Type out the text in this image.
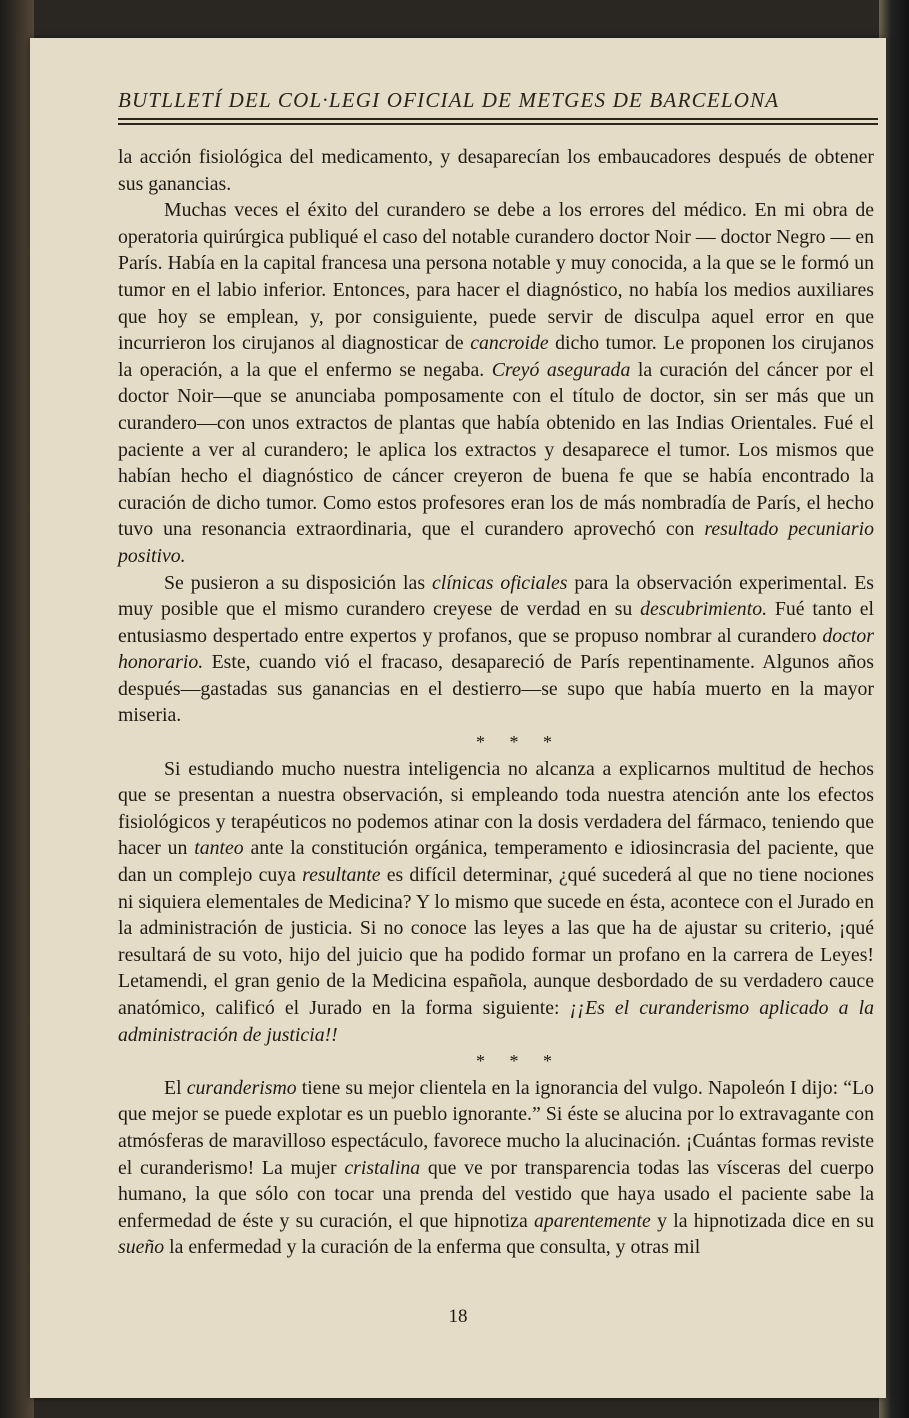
BUTLLETÍ DEL COL·LEGI OFICIAL DE METGES DE BARCELONA

la acción fisiológica del medicamento, y desaparecían los embaucadores después de obtener sus ganancias.

Muchas veces el éxito del curandero se debe a los errores del médico. En mi obra de operatoria quirúrgica publiqué el caso del notable curandero doctor Noir — doctor Negro — en París. Había en la capital francesa una persona notable y muy conocida, a la que se le formó un tumor en el labio inferior. Entonces, para hacer el diagnóstico, no había los medios auxiliares que hoy se emplean, y, por consiguiente, puede servir de disculpa aquel error en que incurrieron los cirujanos al diagnosticar de cancroide dicho tumor. Le proponen los cirujanos la operación, a la que el enfermo se negaba. Creyó asegurada la curación del cáncer por el doctor Noir—que se anunciaba pomposamente con el título de doctor, sin ser más que un curandero—con unos extractos de plantas que había obtenido en las Indias Orientales. Fué el paciente a ver al curandero; le aplica los extractos y desaparece el tumor. Los mismos que habían hecho el diagnóstico de cáncer creyeron de buena fe que se había encontrado la curación de dicho tumor. Como estos profesores eran los de más nombradía de París, el hecho tuvo una resonancia extraordinaria, que el curandero aprovechó con resultado pecuniario positivo.

Se pusieron a su disposición las clínicas oficiales para la observación experimental. Es muy posible que el mismo curandero creyese de verdad en su descubrimiento. Fué tanto el entusiasmo despertado entre expertos y profanos, que se propuso nombrar al curandero doctor honorario. Este, cuando vió el fracaso, desapareció de París repentinamente. Algunos años después—gastadas sus ganancias en el destierro—se supo que había muerto en la mayor miseria.

* * *

Si estudiando mucho nuestra inteligencia no alcanza a explicarnos multitud de hechos que se presentan a nuestra observación, si empleando toda nuestra atención ante los efectos fisiológicos y terapéuticos no podemos atinar con la dosis verdadera del fármaco, teniendo que hacer un tanteo ante la constitución orgánica, temperamento e idiosincrasia del paciente, que dan un complejo cuya resultante es difícil determinar, ¿qué sucederá al que no tiene nociones ni siquiera elementales de Medicina? Y lo mismo que sucede en ésta, acontece con el Jurado en la administración de justicia. Si no conoce las leyes a las que ha de ajustar su criterio, ¡qué resultará de su voto, hijo del juicio que ha podido formar un profano en la carrera de Leyes! Letamendi, el gran genio de la Medicina española, aunque desbordado de su verdadero cauce anatómico, calificó el Jurado en la forma siguiente: ¡¡Es el curanderismo aplicado a la administración de justicia!!

* * *

El curanderismo tiene su mejor clientela en la ignorancia del vulgo. Napoleón I dijo: “Lo que mejor se puede explotar es un pueblo ignorante.” Si éste se alucina por lo extravagante con atmósferas de maravilloso espectáculo, favorece mucho la alucinación. ¡Cuántas formas reviste el curanderismo! La mujer cristalina que ve por transparencia todas las vísceras del cuerpo humano, la que sólo con tocar una prenda del vestido que haya usado el paciente sabe la enfermedad de éste y su curación, el que hipnotiza aparentemente y la hipnotizada dice en su sueño la enfermedad y la curación de la enferma que consulta, y otras mil

18
